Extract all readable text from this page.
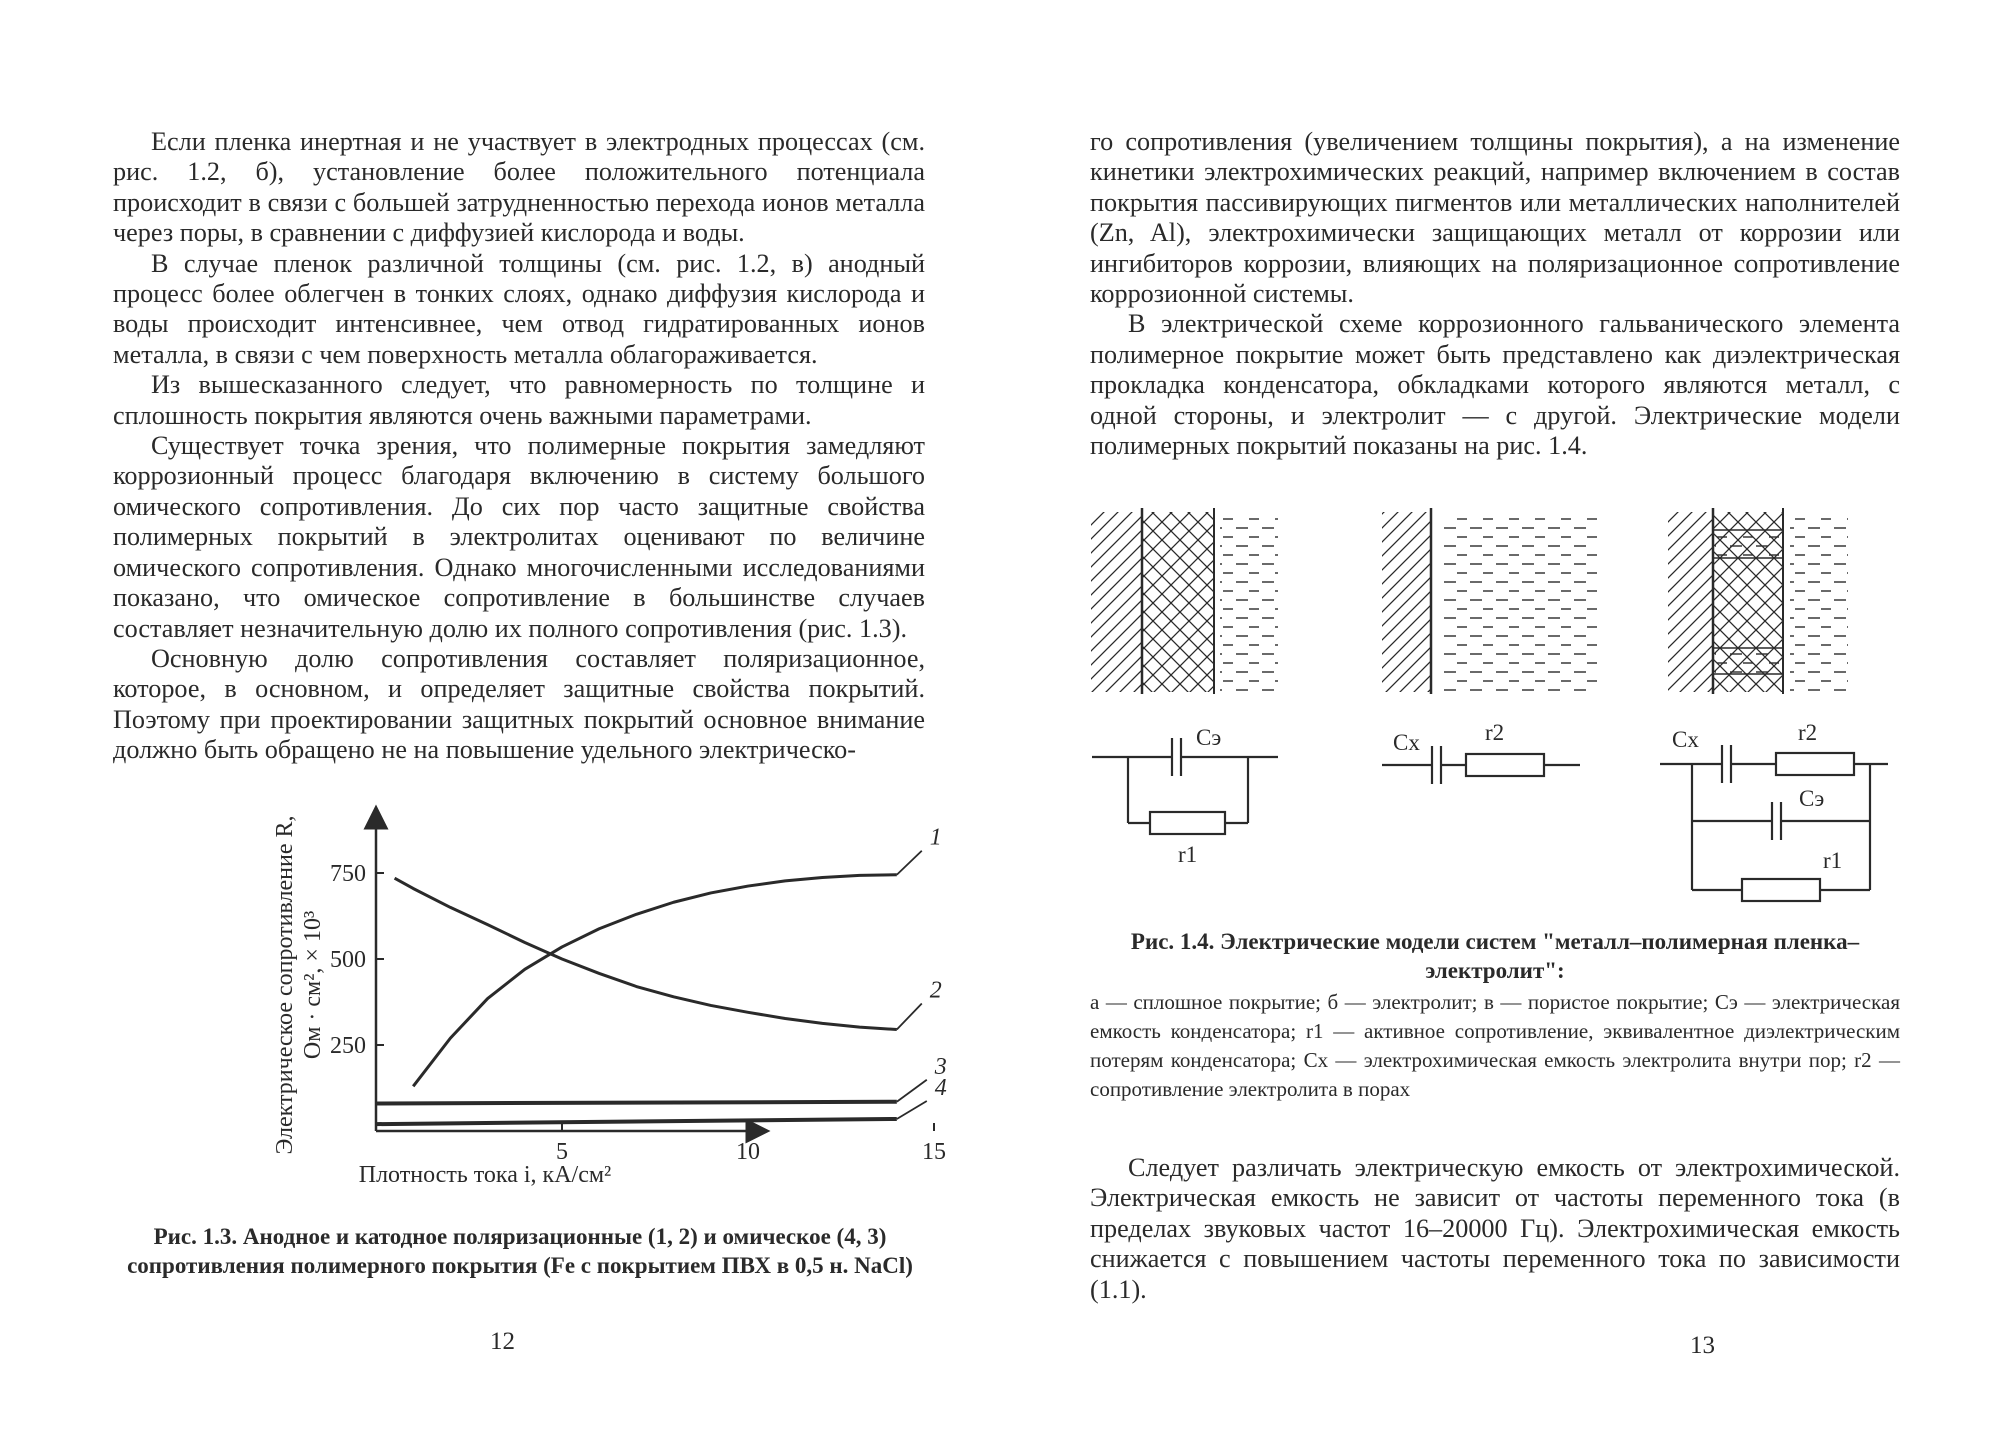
Если пленка инертная и не участвует в электродных процессах (см. рис. 1.2, б), установление более положительного потенциала происходит в связи с большей затрудненностью перехода ионов металла через поры, в сравнении с диффузией кислорода и воды.

В случае пленок различной толщины (см. рис. 1.2, в) анодный процесс более облегчен в тонких слоях, однако диффузия кислорода и воды происходит интенсивнее, чем отвод гидратированных ионов металла, в связи с чем поверхность металла облагораживается.

Из вышесказанного следует, что равномерность по толщине и сплошность покрытия являются очень важными параметрами.

Существует точка зрения, что полимерные покрытия замедляют коррозионный процесс благодаря включению в систему большого омического сопротивления. До сих пор часто защитные свойства полимерных покрытий в электролитах оценивают по величине омического сопротивления. Однако многочисленными исследованиями показано, что омическое сопротивление в большинстве случаев составляет незначительную долю их полного сопротивления (рис. 1.3).

Основную долю сопротивления составляет поляризационное, которое, в основном, и определяет защитные свойства покрытий. Поэтому при проектировании защитных покрытий основное внимание должно быть обращено не на повышение удельного электрическо-

5	10	15
250
500
750
1
2
3
4
Плотность тока i, кА/см²
Электрическое сопротивление R, Ом · см², × 10³
Рис. 1.3. Анодное и катодное поляризационные (1, 2) и омическое (4, 3) сопротивления полимерного покрытия (Fe с покрытием ПВХ в 0,5 н. NaCl)
12

го сопротивления (увеличением толщины покрытия), а на изменение кинетики электрохимических реакций, например включением в состав покрытия пассивирующих пигментов или металлических наполнителей (Zn, Al), электрохимически защищающих металл от коррозии или ингибиторов коррозии, влияющих на поляризационное сопротивление коррозионной системы.

В электрической схеме коррозионного гальванического элемента полимерное покрытие может быть представлено как диэлектрическая прокладка конденсатора, обкладками которого являются металл, с одной стороны, и электролит — с другой. Электрические модели полимерных покрытий показаны на рис. 1.4.

Cэ
r1
Cх	r2	Cх	r2
Cэ
r1
Рис. 1.4. Электрические модели систем "металл–полимерная пленка–электролит":
а — сплошное покрытие; б — электролит; в — пористое покрытие; Cэ — электрическая емкость конденсатора; r1 — активное сопротивление, эквивалентное диэлектрическим потерям конденсатора; Cх — электрохимическая емкость электролита внутри пор; r2 — сопротивление электролита в порах

Следует различать электрическую емкость от электрохимической. Электрическая емкость не зависит от частоты переменного тока (в пределах звуковых частот 16–20000 Гц). Электрохимическая емкость снижается с повышением частоты переменного тока по зависимости (1.1).

13
